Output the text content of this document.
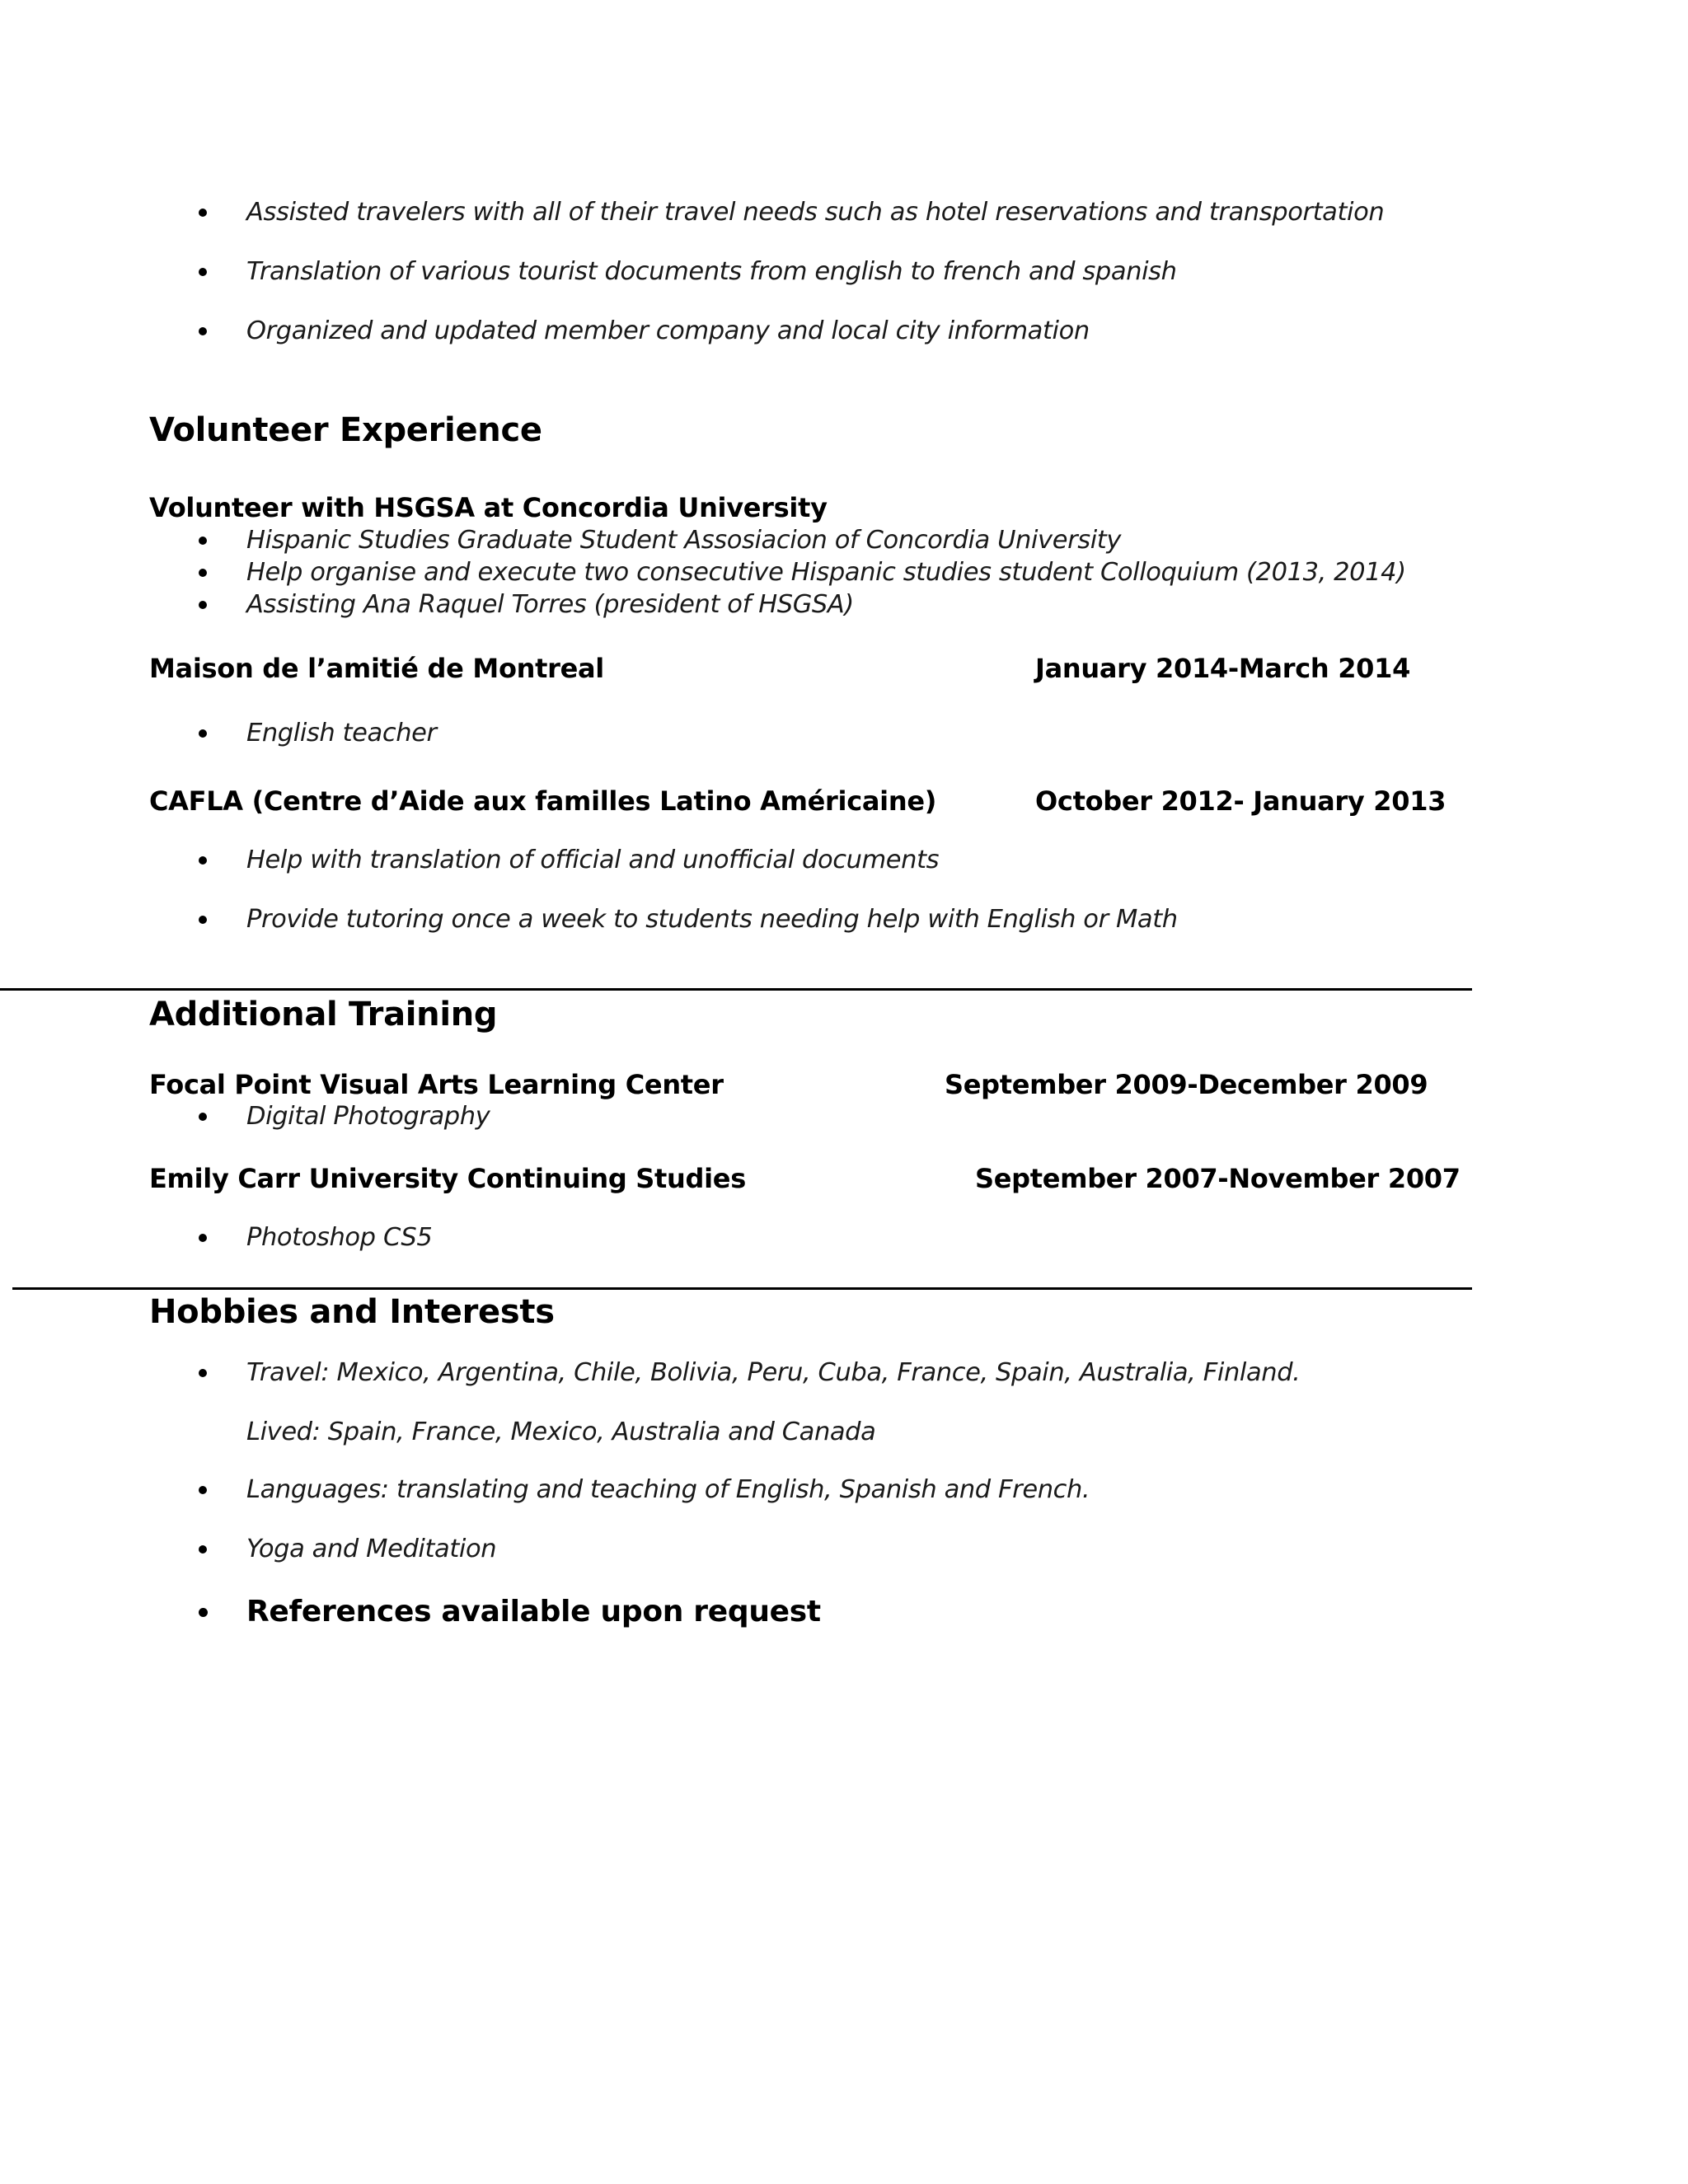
Assisted travelers with all of their travel needs such as hotel reservations and transportation
Translation of various tourist documents from english to french and spanish
Organized and updated member company and local city information
Volunteer Experience
Volunteer with HSGSA at Concordia University
Hispanic Studies Graduate Student Assosiacion of Concordia University
Help organise and execute two consecutive Hispanic studies student Colloquium (2013, 2014)
Assisting Ana Raquel Torres (president of HSGSA)
Maison de l’amitié de Montreal	January 2014-March 2014
English teacher
CAFLA (Centre d’Aide aux familles Latino Américaine)	October 2012- January 2013
Help with translation of official and unofficial documents
Provide tutoring once a week to students needing help with English or Math
Additional Training
Focal Point Visual Arts Learning Center	September 2009-December 2009
Digital Photography
Emily Carr University Continuing Studies	September 2007-November 2007
Photoshop CS5
Hobbies and Interests
Travel: Mexico, Argentina, Chile, Bolivia, Peru, Cuba, France, Spain, Australia, Finland.
Lived: Spain, France, Mexico, Australia and Canada
Languages: translating and teaching of English, Spanish and French.
Yoga and Meditation
References available upon request
